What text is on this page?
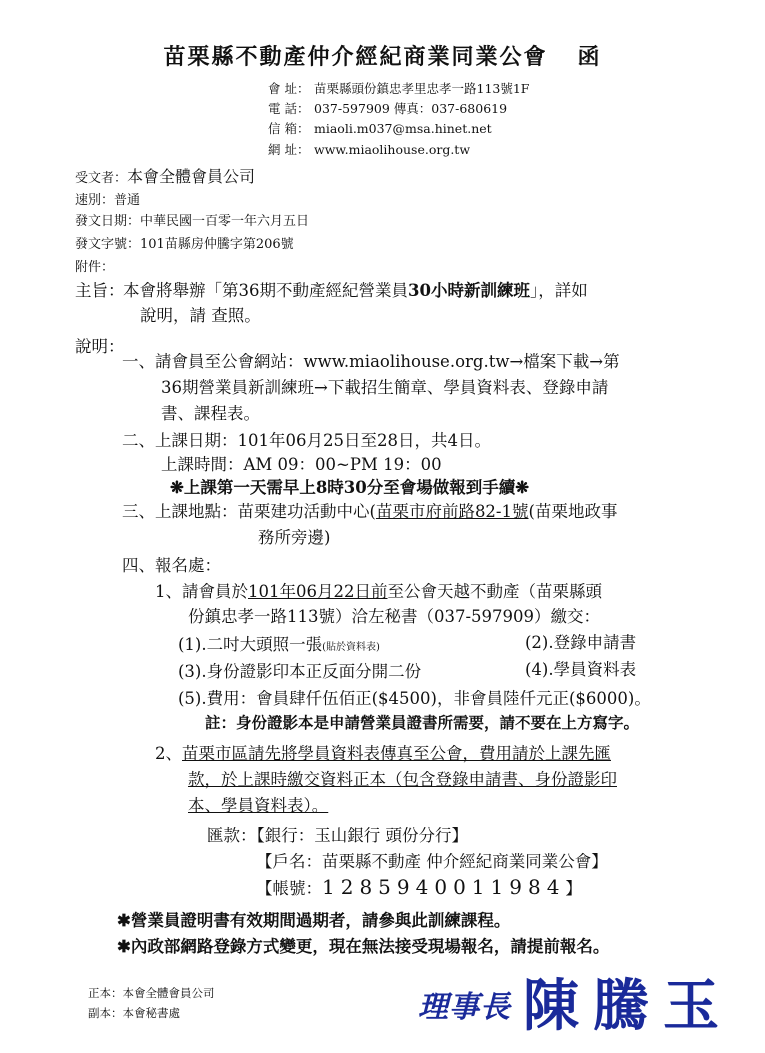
苗栗縣不動產仲介經紀商業同業公會 函
會 址： 苗栗縣頭份鎮忠孝里忠孝一路113號1F
電 話： 037-597909 傳真：037-680619
信 箱： miaoli.m037@msa.hinet.net
網 址： www.miaolihouse.org.tw
受文者：本會全體會員公司
速別：普通
發文日期：中華民國一百零一年六月五日
發文字號：101苗縣房仲騰字第206號
附件：
主旨：
本會將舉辦「第36期不動產經紀營業員30小時新訓練班」，詳如
說明，請 查照。
說明：
一、請會員至公會網站：www.miaolihouse.org.tw→檔案下載→第
36期營業員新訓練班→下載招生簡章、學員資料表、登錄申請
書、課程表。
二、上課日期：101年06月25日至28日，共4日。
上課時間：AM 09：00~PM 19：00
❋上課第一天需早上8時30分至會場做報到手續❋
三、上課地點：苗栗建功活動中心(苗栗市府前路82-1號(苗栗地政事
務所旁邊)
四、報名處：
1、請會員於101年06月22日前至公會天越不動產（苗栗縣頭
份鎮忠孝一路113號）洽左秘書（037-597909）繳交：
(1).二吋大頭照一張(貼於資料表)	(2).登錄申請書
(3).身份證影印本正反面分開二份	(4).學員資料表
(5).費用：會員肆仟伍佰正($4500)，非會員陸仟元正($6000)。
註：身份證影本是申請營業員證書所需要，請不要在上方寫字。
2、苗栗市區請先將學員資料表傳真至公會，費用請於上課先匯
款，於上課時繳交資料正本（包含登錄申請書、身份證影印
本、學員資料表）。
匯款：【銀行：玉山銀行 頭份分行】
【戶名：苗栗縣不動產 仲介經紀商業同業公會】
【帳號：1285940011984】
✱營業員證明書有效期間過期者，請參與此訓練課程。
✱內政部網路登錄方式變更，現在無法接受現場報名，請提前報名。
理事長 陳騰玉
正本：本會全體會員公司
副本：本會秘書處
